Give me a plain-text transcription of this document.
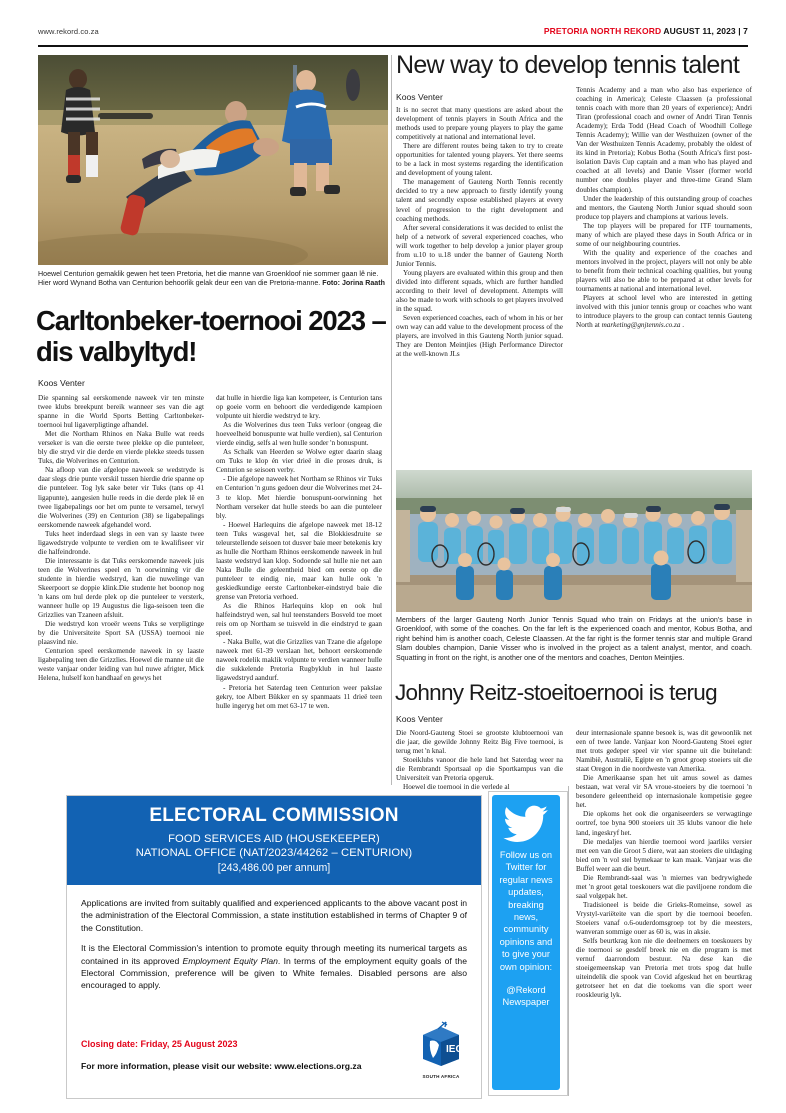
www.rekord.co.za	PRETORIA NORTH REKORD AUGUST 11, 2023 | 7
Hoewel Centurion gemaklik gewen het teen Pretoria, het die manne van Groenkloof nie sommer gaan lê nie. Hier word Wynand Botha van Centurion behoorlik gelak deur een van die Pretoria-manne. Foto: Jorina Raath
Carltonbeker-toernooi 2023 – dis valbyltyd!
Koos Venter

Die spanning sal eerskomende naweek vir ten minste twee klubs breekpunt bereik wanneer ses van die agt spanne in die World Sports Betting Carltonbeker-toernooi hul ligaverpligtinge afhandel.

Met die Northam Rhinos en Naka Bulle wat reeds verseker is van die eerste twee plekke op die punteleer, bly die stryd vir die derde en vierde plekke steeds tussen Tuks, die Wolverines en Centurion.

Na afloop van die afgelope naweek se wedstryde is daar slegs drie punte verskil tussen hierdie drie spanne op die punteleer. Tog lyk sake beter vir Tuks (tans op 41 ligapunte), aangesien hulle reeds in die derde plek lê en twee ligabepalings oor het om punte te versamel, terwyl die Wolverines (39) en Centurion (38) se ligabepalings eerskomende naweek afgehandel word.

Tuks heet inderdaad slegs in een van sy laaste twee ligawedstryde volpunte te verdien om te kwalifiseer vir die halfeindronde.

Die interessante is dat Tuks eerskomende naweek juis teen die Wolverines speel en 'n oorwinning vir die studente in hierdie wedstryd, kan die nuwelinge van Skeerpoort se doppie klink.Die studente het boonop nog 'n kans om hul derde plek op die punteleer te versterk, wanneer hulle op 19 Augustus die liga-seisoen teen die Grizzlies van Tzaneen afsluit.

Die wedstryd kon vroeër weens Tuks se verpligtinge by die Universiteite Sport SA (USSA) toernooi nie plaasvind nie.

Centurion speel eerskomende naweek in sy laaste ligabepaling teen die Grizzlies. Hoewel die manne uit die weste vanjaar onder leiding van hul nuwe afrigter, Mick Helena, hulself kon handhaaf en gewys het

dat hulle in hierdie liga kan kompeteer, is Centurion tans op goeie vorm en behoort die verdedigende kampioen volpunte uit hierdie wedstryd te kry.

As die Wolverines dus teen Tuks verloor (ongeag die hoeveelheid bonuspunte wat hulle verdien), sal Centurion vierde eindig, selfs al wen hulle sonder 'n bonuspunt.

As Schalk van Heerden se Wolwe egter daarin slaag om Tuks te klop én vier drieë in die proses druk, is Centurion se seisoen verby.

- Die afgelope naweek het Northam se Rhinos vir Tuks en Centurion 'n guns gedoen deur die Wolverines met 24-3 te klop. Met hierdie bonuspunt-oorwinning het Northam verseker dat hulle steeds bo aan die punteleer bly.

- Hoewel Harlequins die afgelope naweek met 18-12 teen Tuks wasgeval het, sal die Blokkiesdruite se teleurstellende seisoen tot dusver baie meer betekenis kry as hulle die Northam Rhinos eerskomende naweek in hul laaste wedstryd kan klop. Sodoende sal hulle nie net aan Naka Bulle die geleentheid bied om eerste op die punteleer te eindig nie, maar kan hulle ook 'n geskiedkundige eerste Carltonbeker-eindstryd baie die grense van Pretoria verhoed.

As die Rhinos Harlequins klop en ook hul halfeindstryd wen, sal hul teenstanders Bosveld toe moet reis om op Northam se tuisveld in die eindstryd te gaan speel.

- Naka Bulle, wat die Grizzlies van Tzane die afgelope naweek met 61-39 verslaan het, behoort eerskomende naweek rodelik maklik volpunte te verdien wanneer hulle die sukkelende Pretoria Rugbyklub in hul laaste ligawedstryd aandurf.

- Pretoria het Saterdag teen Centurion weer pakslae gekry, toe Albert Bükker en sy spanmaats 11 drieë teen hulle ingeryg het om met 63-17 te wen.

New way to develop tennis talent
Koos Venter

It is no secret that many questions are asked about the development of tennis players in South Africa and the methods used to prepare young players to play the game competitively at national and international level.

There are different routes being taken to try to create opportunities for talented young players. Yet there seems to be a lack in most systems regarding the identification and development of young talent.

The management of Gauteng North Tennis recently decided to try a new approach to firstly identify young talent and secondly expose established players at every level of progression to the right development and coaching methods.

After several considerations it was decided to enlist the help of a network of several experienced coaches, who will work together to help develop a junior player group from u.10 to u.18 under the banner of Gauteng North Junior Tennis.

Young players are evaluated within this group and then divided into different squads, which are further handled according to their level of development. Attempts will also be made to work with schools to get players involved in the squad.

Seven experienced coaches, each of whom in his or her own way can add value to the development process of the players, are involved in this Gauteng North junior squad. They are Denton Meintjies (High Performance Director at the well-known JLs

Tennis Academy and a man who also has experience of coaching in America); Celeste Claassen (a professional tennis coach with more than 20 years of experience); Andri Tiran (professional coach and owner of Andri Tiran Tennis Academy); Erda Todd (Head Coach of Woodhill College Tennis Academy); Willie van der Westhuizen (owner of the Van der Westhuizen Tennis Academy, probably the oldest of its kind in Pretoria); Kobus Botha (South Africa's first post-isolation Davis Cup captain and a man who has played and coached at all levels) and Danie Visser (former world number one doubles player and three-time Grand Slam doubles champion).

Under the leadership of this outstanding group of coaches and mentors, the Gauteng North Junior squad should soon produce top players and champions at various levels.

The top players will be prepared for ITF tournaments, many of which are played these days in South Africa or in some of our neighbouring countries.

With the quality and experience of the coaches and mentors involved in the project, players will not only be able to benefit from their technical coaching qualities, but young players will also be able to be prepared at other levels for tournaments at national and international level.

Players at school level who are interested in getting involved with this junior tennis group or coaches who want to introduce players to the group can contact tennis Gauteng North at marketing@gnjtennis.co.za .

Members of the larger Gauteng North Junior Tennis Squad who train on Fridays at the union's base in Groenkloof, with some of the coaches. On the far left is the experienced coach and mentor, Kobus Botha, and right behind him is another coach, Celeste Claassen. At the far right is the former tennis star and multiple Grand Slam doubles champion, Danie Visser who is involved in the project as a talent analyst, mentor, and coach. Squatting in front on the right, is another one of the mentors and coaches, Denton Meintjies.
Johnny Reitz-stoeitoernooi is terug
Koos Venter

Die Noord-Gauteng Stoei se grootste klubtoernooi van die jaar, die gewilde Johnny Reitz Big Five toernooi, is terug met 'n knal.

Stoeiklubs vanoor die hele land het Saterdag weer na die Rembrandt Sportsaal op die Sportkampus van die Universiteit van Pretoria opgeruk.

Hoewel die toernooi in die verlede al

deur internasionale spanne besoek is, was dit gewoonlik net een of twee lande. Vanjaar kon Noord-Gauteng Stoei egter met trots gedeper speel vir vier spanne uit die buiteland: Namibië, Australië, Egipte en 'n groot groep stoeiers uit die staat Oregon in die noordweste van Amerika.

Die Amerikaanse span het uit amus sowel as dames bestaan, wat veral vir SA vroue-stoeiers by die toernooi 'n besondere geleentheid op internasionale kompetisie gegee het.

Die opkoms het ook die organiseerders se verwagtinge oortref, toe byna 900 stoeiers uit 35 klubs vanoor die hele land, ingeskryf het.

Die medaljes van hierdie toernooi word jaarliks versier met een van die Groot 5 diere, wat aan stoeiers die uitdaging bied om 'n vol stel bymekaar te kan maak. Vanjaar was die Buffel weer aan die beurt.

Die Rembrandt-saal was 'n miernes van bedrywighede met 'n groot getal toeskouers wat die paviljoene rondom die saal volgepak het.

Tradisioneel is beide die Grieks-Romeinse, sowel as Vrystyl-variëteite van die sport by die toernooi beoefen. Stoeiers vanaf o.6-ouderdomsgroep tot by die meesters, wanveran sommige ouer as 60 is, was in aksie.

Selfs beurtkrag kon nie die deelnemers en toeskouers by die toernooi se gesdelf breek nie en die program is met vernuf daarrondom bestuur. Na dese kan die stoeigemeenskap van Pretoria met trots spog dat hulle uiteindelik die spook van Covid afgeskud het en beurtkrag getrotseer het en dat die toekoms van die sport weer rooskleurig lyk.

ELECTORAL COMMISSION
FOOD SERVICES AID (HOUSEKEEPER)
NATIONAL OFFICE (NAT/2023/44262 – CENTURION)
[243,486.00 per annum]

Applications are invited from suitably qualified and experienced applicants to the above vacant post in the administration of the Electoral Commission, a state institution established in terms of Chapter 9 of the Constitution.

It is the Electoral Commission's intention to promote equity through meeting its numerical targets as contained in its approved Employment Equity Plan. In terms of the employment equity goals of the Electoral Commission, preference will be given to White females. Disabled persons are also encouraged to apply.

Closing date: Friday, 25 August 2023
For more information, please visit our website: www.elections.org.za
IEC
SOUTH AFRICA
Follow us on Twitter for regular news updates, breaking news, community opinions and to give your own opinion:
@Rekord Newspaper
